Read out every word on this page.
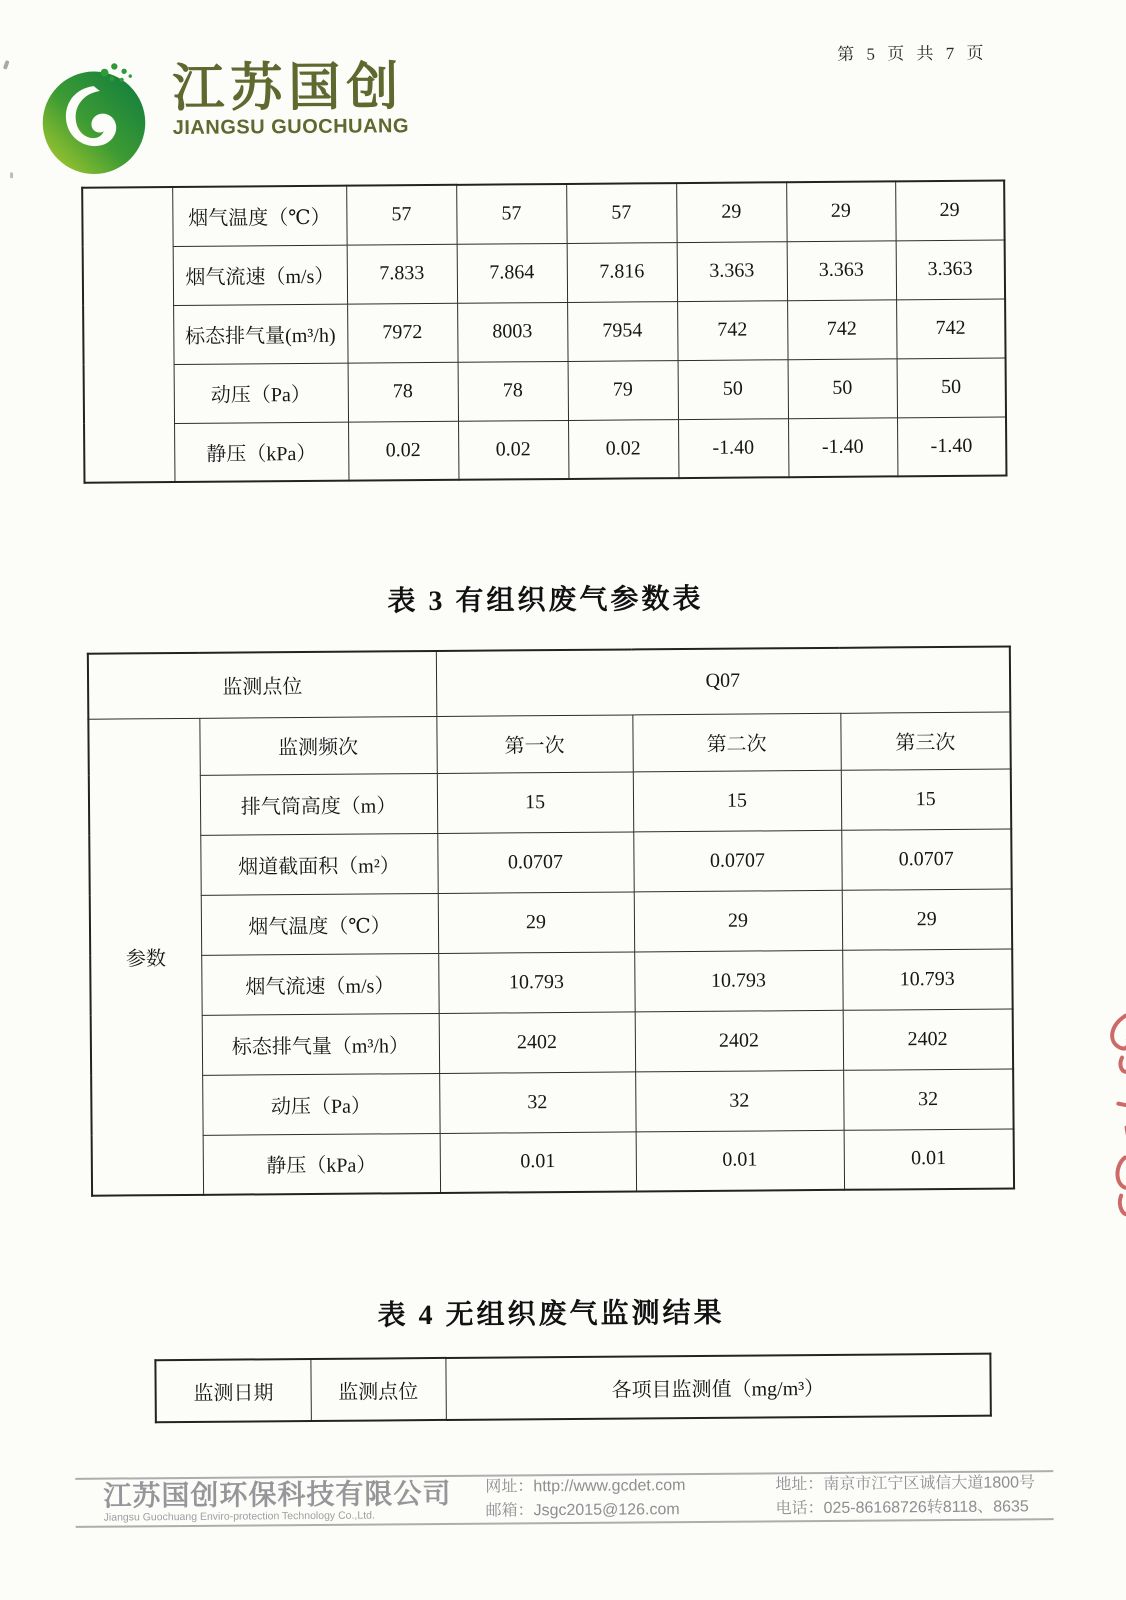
第 5 页 共 7 页
江苏国创
JIANGSU GUOCHUANG
	烟气温度（℃）	57	57	57	29	29	29
	烟气流速（m/s）	7.833	7.864	7.816	3.363	3.363	3.363
	标态排气量(m³/h)	7972	8003	7954	742	742	742
	动压（Pa）	78	78	79	50	50	50
	静压（kPa）	0.02	0.02	0.02	-1.40	-1.40	-1.40
表 3 有组织废气参数表
监测点位		Q07		
参数	监测频次	第一次	第二次	第三次
	排气筒高度（m）	15	15	15
	烟道截面积（m²）	0.0707	0.0707	0.0707
	烟气温度（℃）	29	29	29
	烟气流速（m/s）	10.793	10.793	10.793
	标态排气量（m³/h）	2402	2402	2402
	动压（Pa）	32	32	32
	静压（kPa）	0.01	0.01	0.01
表 4 无组织废气监测结果
监测日期	监测点位	各项目监测值（mg/m³）
江苏国创环保科技有限公司
Jiangsu Guochuang Enviro-protection Technology Co.,Ltd.
网址：http://www.gcdet.com
邮箱：Jsgc2015@126.com
地址：南京市江宁区诚信大道1800号
电话：025-86168726转8118、8635
